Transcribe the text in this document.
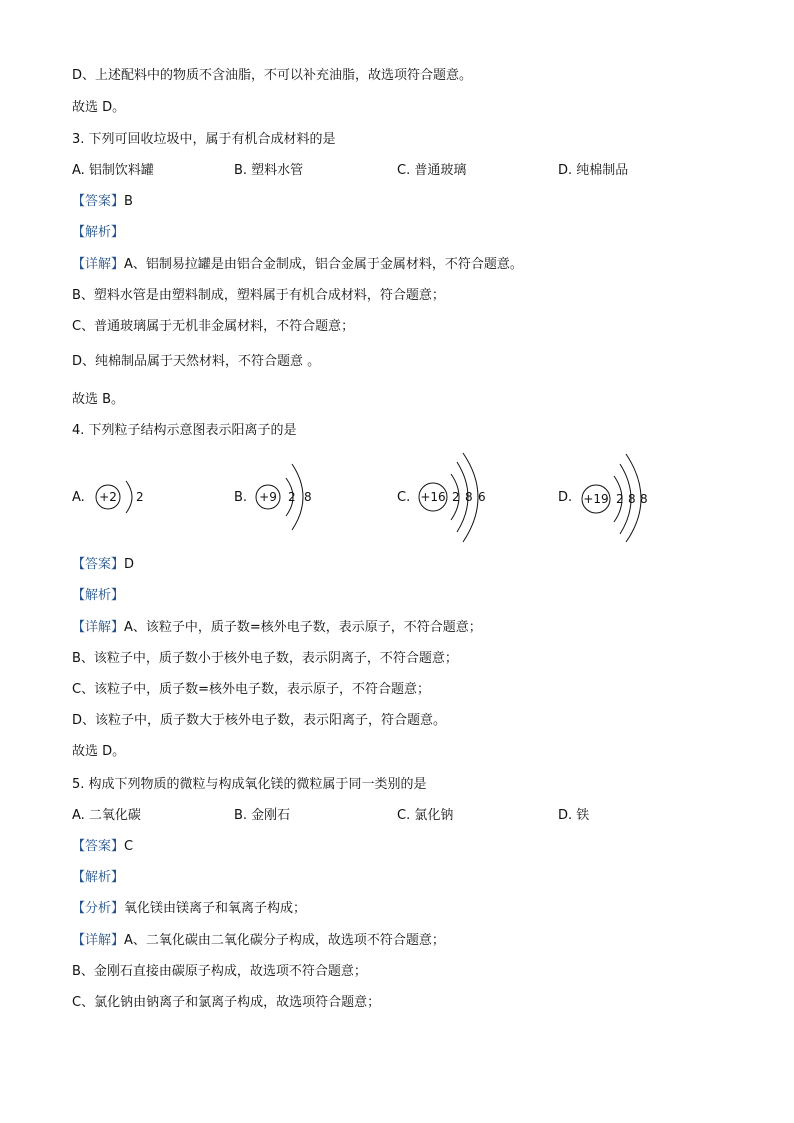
D、上述配料中的物质不含油脂，不可以补充油脂，故选项符合题意。
故选 D。
3. 下列可回收垃圾中，属于有机合成材料的是
A. 铝制饮料罐	B. 塑料水管	C. 普通玻璃	D. 纯棉制品
【答案】B
【解析】
【详解】A、铝制易拉罐是由铝合金制成，铝合金属于金属材料，不符合题意。
B、塑料水管是由塑料制成，塑料属于有机合成材料，符合题意；
C、普通玻璃属于无机非金属材料，不符合题意；
D、纯棉制品属于天然材料，不符合题意 。
故选 B。
4. 下列粒子结构示意图表示阳离子的是
A. +2 2	B. +9 2 8	C. +16 2 8 6	D. +19 2 8 8
【答案】D
【解析】
【详解】A、该粒子中，质子数=核外电子数，表示原子，不符合题意；
B、该粒子中，质子数小于核外电子数，表示阴离子，不符合题意；
C、该粒子中，质子数=核外电子数，表示原子，不符合题意；
D、该粒子中，质子数大于核外电子数，表示阳离子，符合题意。
故选 D。
5. 构成下列物质的微粒与构成氧化镁的微粒属于同一类别的是
A. 二氧化碳	B. 金刚石	C. 氯化钠	D. 铁
【答案】C
【解析】
【分析】氧化镁由镁离子和氧离子构成；
【详解】A、二氧化碳由二氧化碳分子构成，故选项不符合题意；
B、金刚石直接由碳原子构成，故选项不符合题意；
C、氯化钠由钠离子和氯离子构成，故选项符合题意；
